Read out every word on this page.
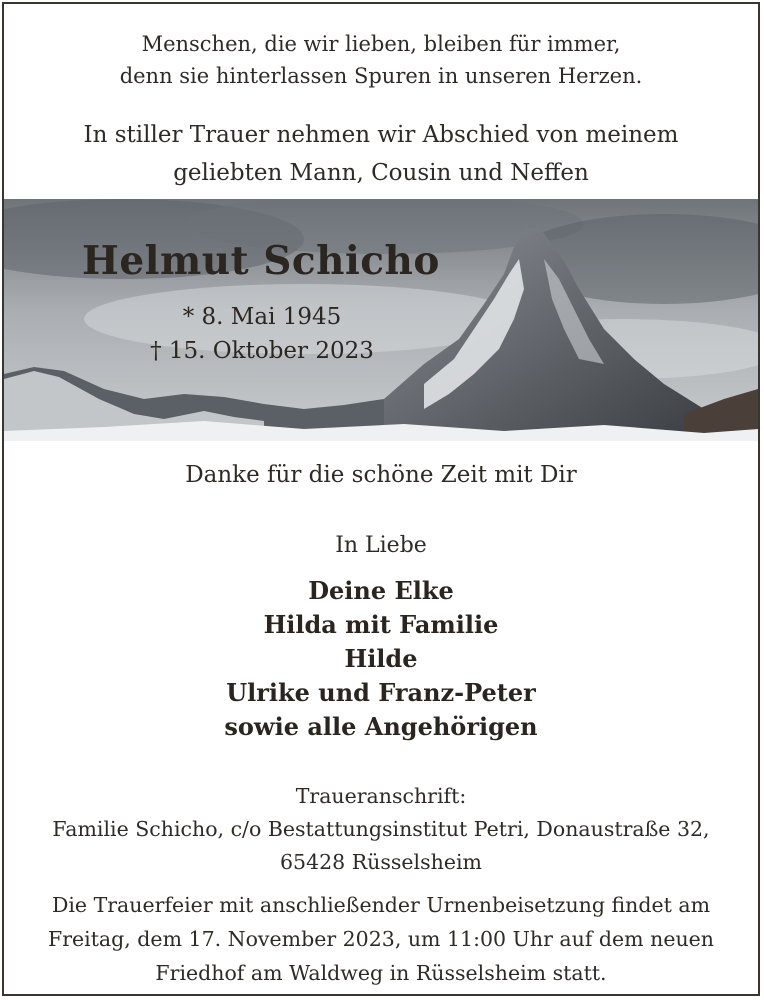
Menschen, die wir lieben, bleiben für immer,
denn sie hinterlassen Spuren in unseren Herzen.
In stiller Trauer nehmen wir Abschied von meinem
geliebten Mann, Cousin und Neffen
Helmut Schicho
* 8. Mai 1945
† 15. Oktober 2023
Danke für die schöne Zeit mit Dir
In Liebe
Deine Elke
Hilda mit Familie
Hilde
Ulrike und Franz-Peter
sowie alle Angehörigen
Traueranschrift:
Familie Schicho, c/o Bestattungsinstitut Petri, Donaustraße 32,
65428 Rüsselsheim
Die Trauerfeier mit anschließender Urnenbeisetzung findet am
Freitag, dem 17. November 2023, um 11:00 Uhr auf dem neuen
Friedhof am Waldweg in Rüsselsheim statt.
